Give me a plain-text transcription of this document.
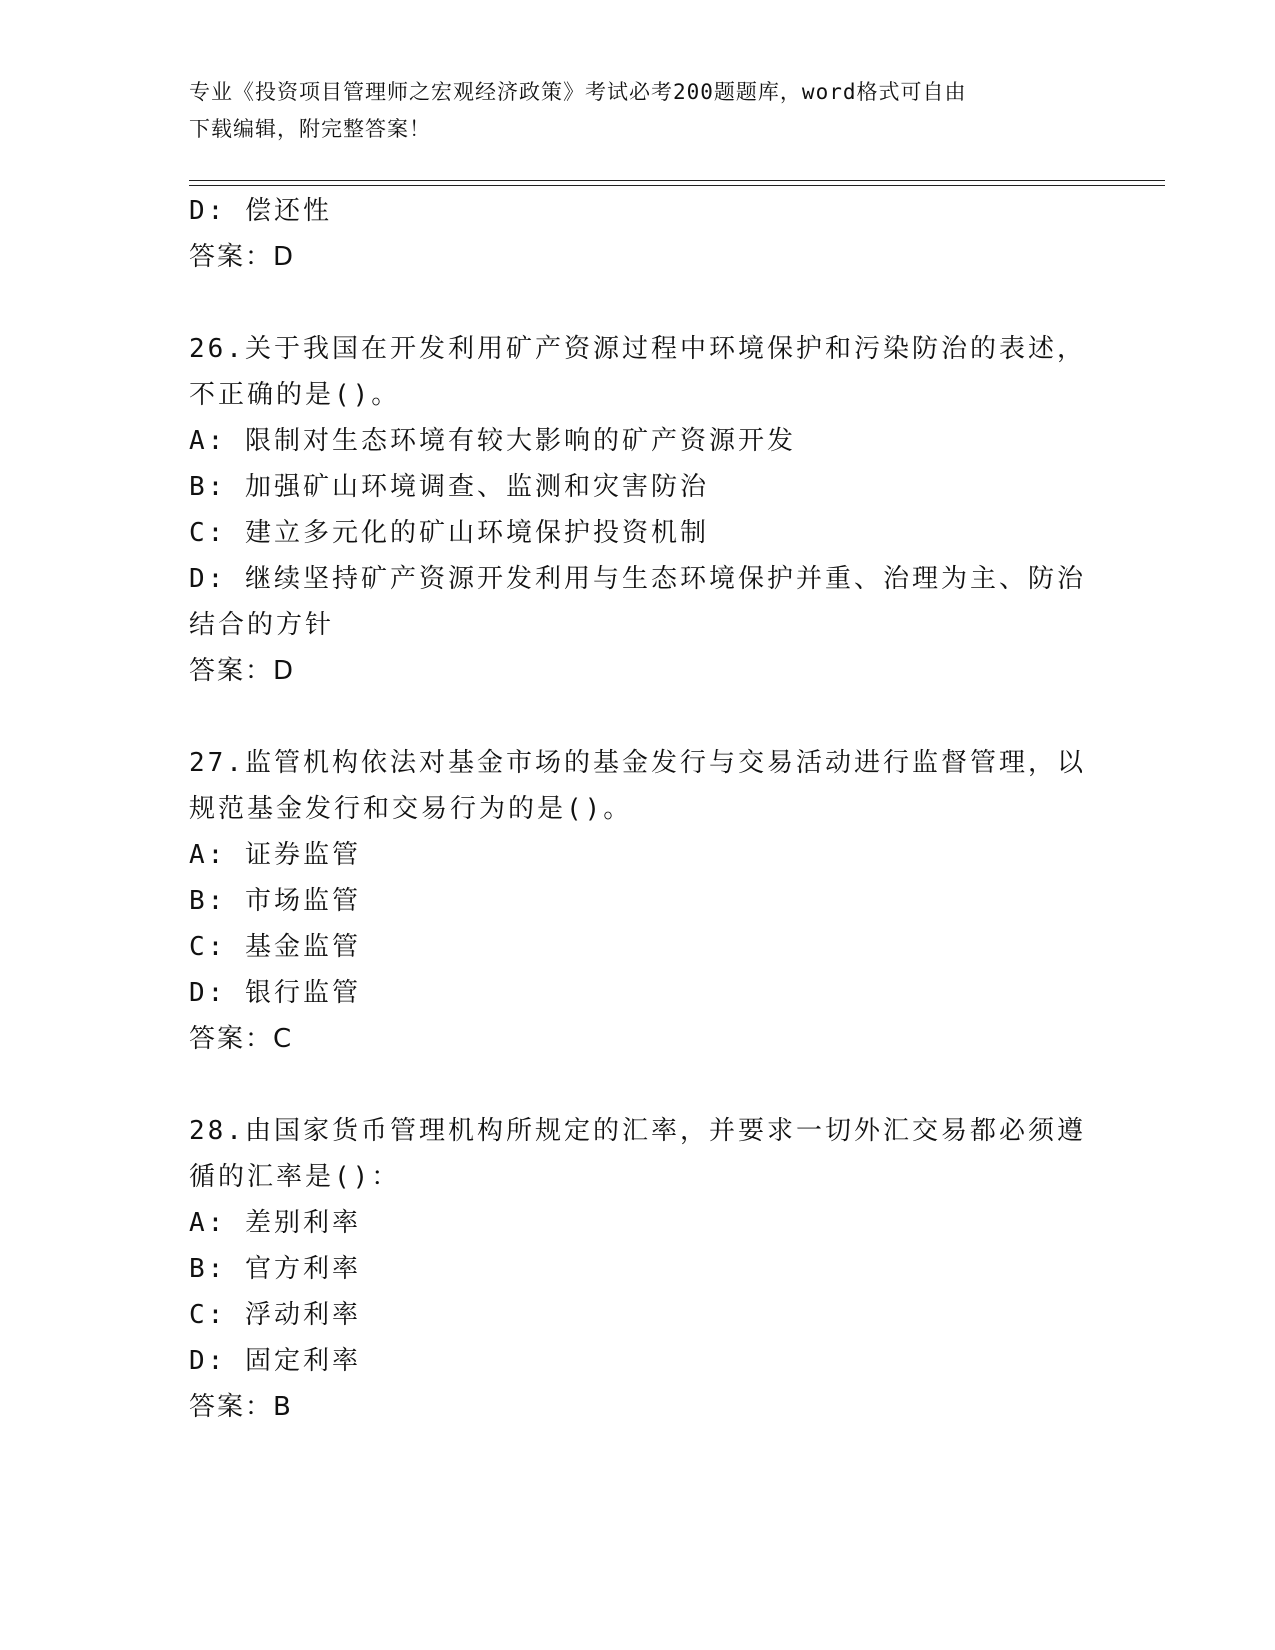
专业《投资项目管理师之宏观经济政策》考试必考200题题库，word格式可自由
下载编辑，附完整答案！
D: 偿还性
答案：D
26.关于我国在开发利用矿产资源过程中环境保护和污染防治的表述，
不正确的是()。
A: 限制对生态环境有较大影响的矿产资源开发
B: 加强矿山环境调查、监测和灾害防治
C: 建立多元化的矿山环境保护投资机制
D: 继续坚持矿产资源开发利用与生态环境保护并重、治理为主、防治
结合的方针
答案：D
27.监管机构依法对基金市场的基金发行与交易活动进行监督管理，以
规范基金发行和交易行为的是()。
A: 证券监管
B: 市场监管
C: 基金监管
D: 银行监管
答案：C
28.由国家货币管理机构所规定的汇率，并要求一切外汇交易都必须遵
循的汇率是()：
A: 差别利率
B: 官方利率
C: 浮动利率
D: 固定利率
答案：B
